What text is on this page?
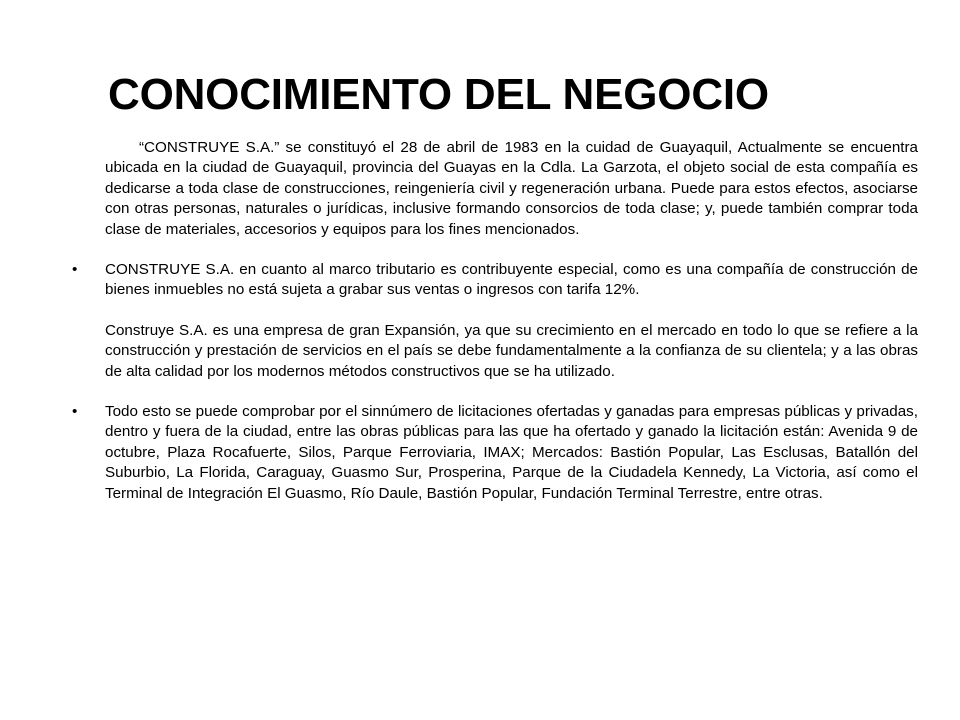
CONOCIMIENTO DEL NEGOCIO

“CONSTRUYE S.A.” se constituyó el 28 de abril de 1983 en la cuidad de Guayaquil, Actualmente se encuentra ubicada en la ciudad de Guayaquil, provincia del Guayas en la Cdla. La Garzota, el objeto social de esta compañía es dedicarse a toda clase de construcciones, reingeniería civil y regeneración urbana. Puede para estos efectos, asociarse con otras personas, naturales o jurídicas, inclusive formando consorcios de toda clase; y, puede también comprar toda clase de materiales, accesorios y equipos para los fines mencionados.

•	CONSTRUYE S.A. en cuanto al marco tributario es contribuyente especial, como es una compañía de construcción de bienes inmuebles no está sujeta a grabar sus ventas o ingresos con tarifa 12%.

Construye S.A. es una empresa de gran Expansión, ya que su crecimiento en el mercado en todo lo que se refiere a la construcción y prestación de servicios en el país se debe fundamentalmente a la confianza de su clientela; y a las obras de alta calidad por los modernos métodos constructivos que se ha utilizado.

•	Todo esto se puede comprobar por el sinnúmero de licitaciones ofertadas y ganadas para empresas públicas y privadas, dentro y fuera de la ciudad, entre las obras públicas para las que ha ofertado y ganado la licitación están: Avenida 9 de octubre, Plaza Rocafuerte, Silos, Parque Ferroviaria, IMAX; Mercados: Bastión Popular, Las Esclusas, Batallón del Suburbio, La Florida, Caraguay, Guasmo Sur, Prosperina, Parque de la Ciudadela Kennedy, La Victoria, así como el Terminal de Integración El Guasmo, Río Daule, Bastión Popular, Fundación Terminal Terrestre, entre otras.
